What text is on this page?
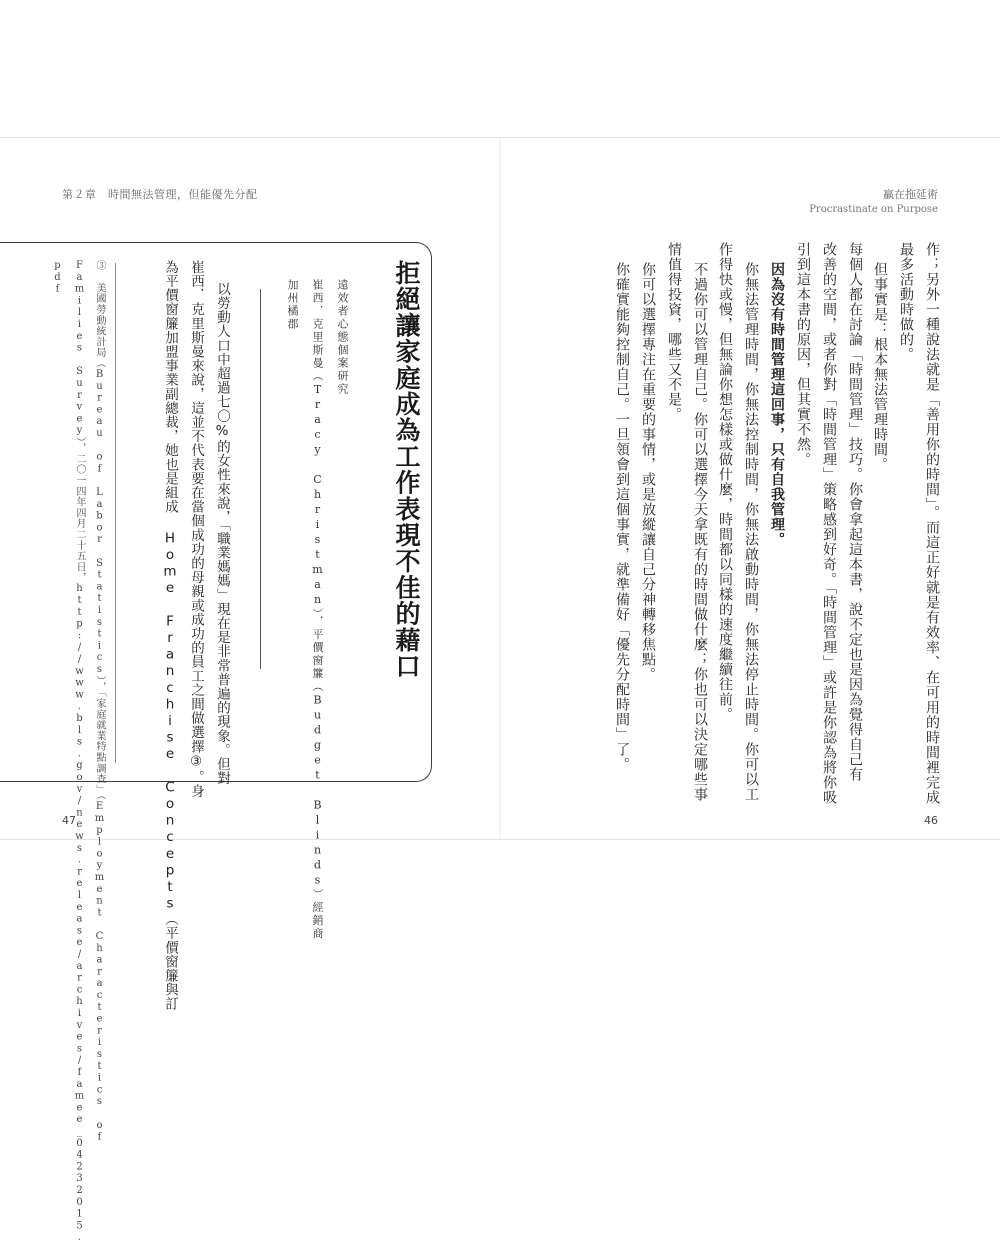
第２章　時間無法管理，但能優先分配
拒絕讓家庭成為工作表現不佳的藉口
遠效者心態個案研究
崔西．克里斯曼（Tracy Christman），平價窗簾（Budget Blinds）經銷商
加州橘郡
以勞動人口中超過七〇%的女性來說，「職業媽媽」現在是非常普遍的現象。但對
崔西．克里斯曼來說，這並不代表要在當個成功的母親或成功的員工之間做選擇③。身
為平價窗簾加盟事業副總裁，她也是組成 Home Franchise Concepts（平價窗簾與訂
③ 美國勞動統計局（Bureau of Labor Statistics），「家庭就業特點調查」（Employment Characteristics of
Families Survey），二〇一四年四月二十五日，http://www.bls.gov/news.release/archives/famee_04232015.
pdf
47
贏在拖延術
Procrastinate on Purpose
作；另外一種說法就是「善用你的時間」。而這正好就是有效率、在可用的時間裡完成
最多活動時做的。
但事實是：根本無法管理時間。
每個人都在討論「時間管理」技巧。你會拿起這本書，說不定也是因為覺得自己有
改善的空間，或者你對「時間管理」策略感到好奇。「時間管理」或許是你認為將你吸
引到這本書的原因，但其實不然。
因為沒有時間管理這回事，只有自我管理。
你無法管理時間，你無法控制時間，你無法啟動時間，你無法停止時間。你可以工
作得快或慢，但無論你想怎樣或做什麼，時間都以同樣的速度繼續往前。
不過你可以管理自己。你可以選擇今天拿既有的時間做什麼；你也可以決定哪些事
情值得投資，哪些又不是。
你可以選擇專注在重要的事情，或是放縱讓自己分神轉移焦點。
你確實能夠控制自己。一旦領會到這個事實，就準備好「優先分配時間」了。
46
